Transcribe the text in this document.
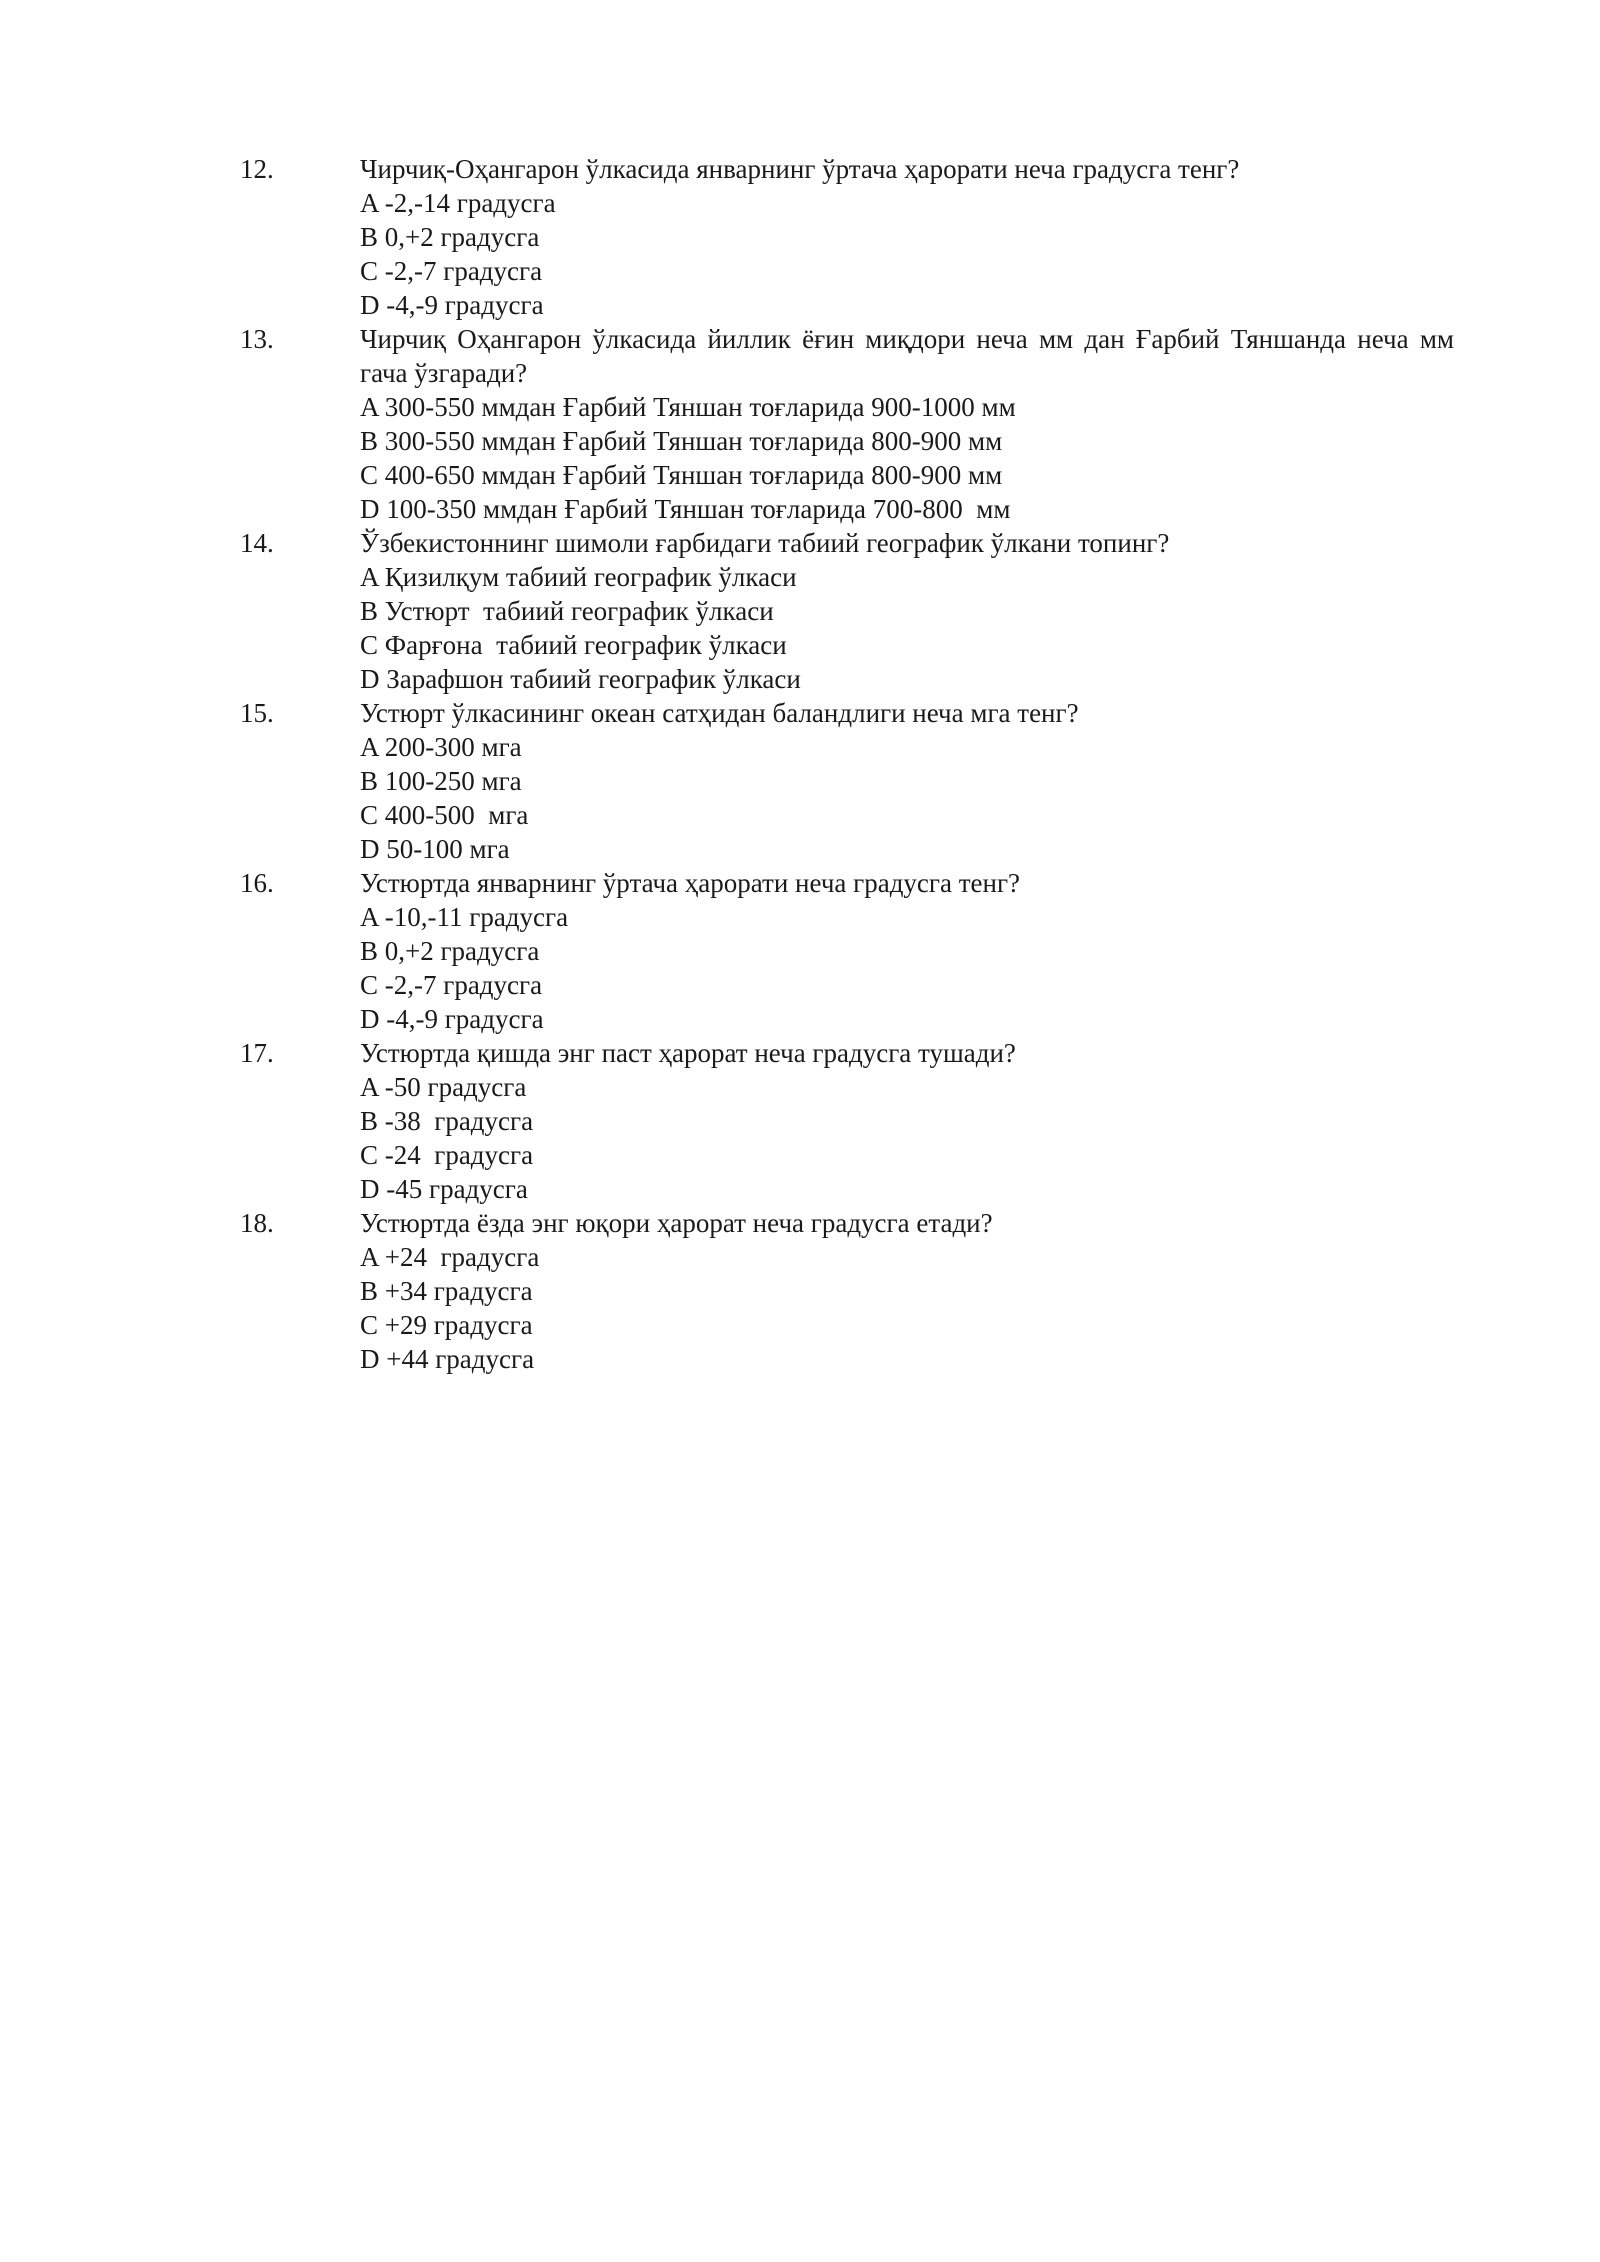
12.	Чирчиқ-Оҳангарон ўлкасида январнинг ўртача ҳарорати неча градусга тенг?
A -2,-14 градусга
B 0,+2 градусга
C -2,-7 градусга
D -4,-9 градусга
13.	Чирчиқ Оҳангарон ўлкасида йиллик ёғин миқдори неча мм дан Ғарбий Тяншанда неча мм гача ўзгаради?
A 300-550 ммдан Ғарбий Тяншан тоғларида 900-1000 мм
B 300-550 ммдан Ғарбий Тяншан тоғларида 800-900 мм
C 400-650 ммдан Ғарбий Тяншан тоғларида 800-900 мм
D 100-350 ммдан Ғарбий Тяншан тоғларида 700-800  мм
14.	Ўзбекистоннинг шимоли ғарбидаги табиий географик ўлкани топинг?
A Қизилқум табиий географик ўлкаси
B Устюрт  табиий географик ўлкаси
C Фарғона  табиий географик ўлкаси
D Зарафшон табиий географик ўлкаси
15.	Устюрт ўлкасининг океан сатҳидан баландлиги неча мга тенг?
A 200-300 мга
B 100-250 мга
C 400-500  мга
D 50-100 мга
16.	Устюртда январнинг ўртача ҳарорати неча градусга тенг?
A -10,-11 градусга
B 0,+2 градусга
C -2,-7 градусга
D -4,-9 градусга
17.	Устюртда қишда энг паст ҳарорат неча градусга тушади?
A -50 градусга
B -38  градусга
C -24  градусга
D -45 градусга
18.	Устюртда ёзда энг юқори ҳарорат неча градусга етади?
A +24  градусга
B +34 градусга
C +29 градусга
D +44 градусга
